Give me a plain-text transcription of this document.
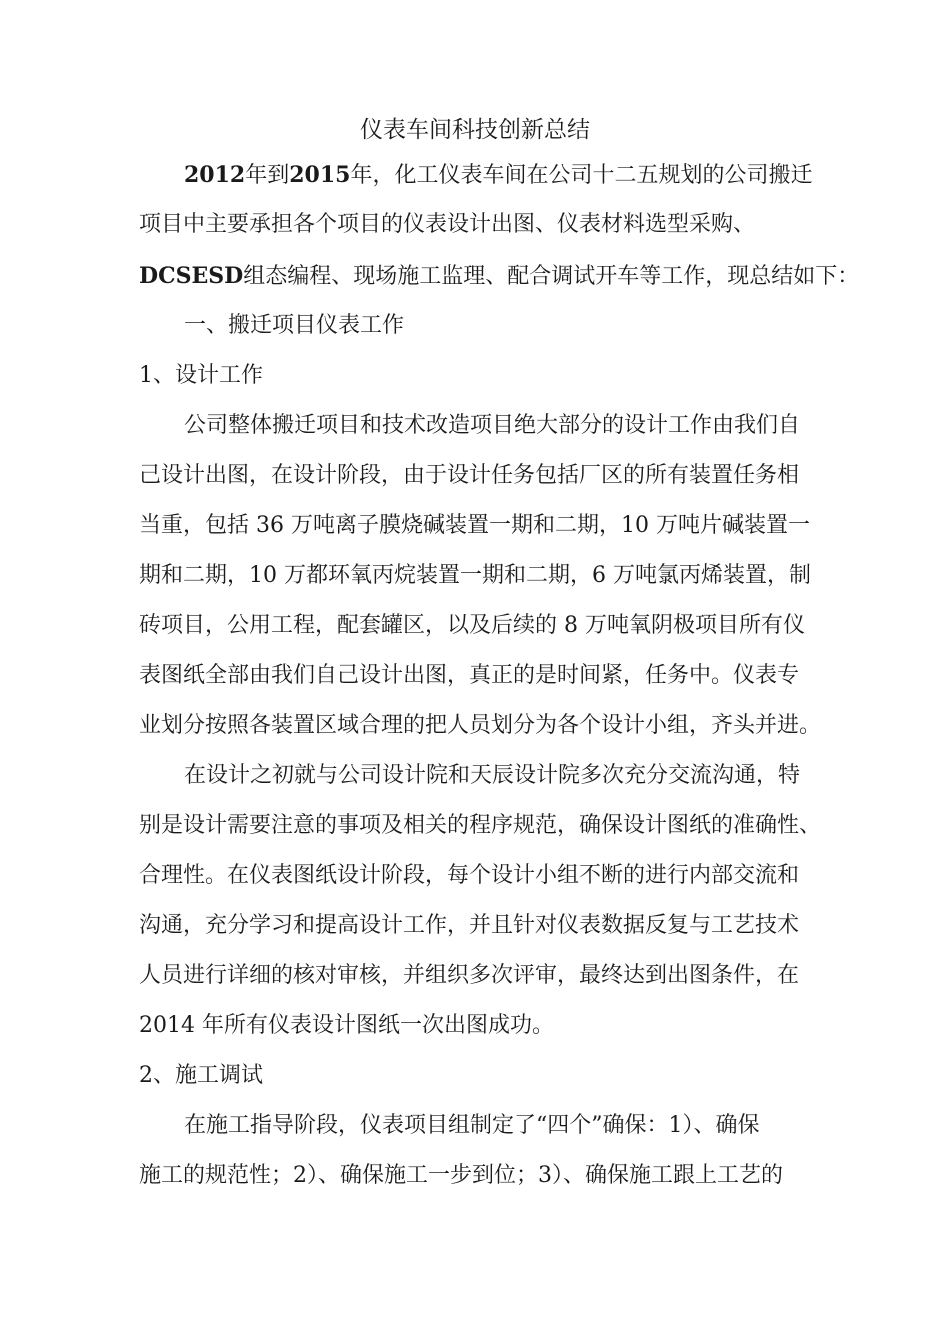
仪表车间科技创新总结
2012年到2015年，化工仪表车间在公司十二五规划的公司搬迁
项目中主要承担各个项目的仪表设计出图、仪表材料选型采购、
DCSESD组态编程、现场施工监理、配合调试开车等工作，现总结如下：
一、搬迁项目仪表工作
1、设计工作
公司整体搬迁项目和技术改造项目绝大部分的设计工作由我们自
己设计出图，在设计阶段，由于设计任务包括厂区的所有装置任务相
当重，包括 36 万吨离子膜烧碱装置一期和二期，10 万吨片碱装置一
期和二期，10 万都环氧丙烷装置一期和二期，6 万吨氯丙烯装置，制
砖项目，公用工程，配套罐区，以及后续的 8 万吨氧阴极项目所有仪
表图纸全部由我们自己设计出图，真正的是时间紧，任务中。仪表专
业划分按照各装置区域合理的把人员划分为各个设计小组，齐头并进。
在设计之初就与公司设计院和天辰设计院多次充分交流沟通，特
别是设计需要注意的事项及相关的程序规范，确保设计图纸的准确性、
合理性。在仪表图纸设计阶段，每个设计小组不断的进行内部交流和
沟通，充分学习和提高设计工作，并且针对仪表数据反复与工艺技术
人员进行详细的核对审核，并组织多次评审，最终达到出图条件，在
2014 年所有仪表设计图纸一次出图成功。
2、施工调试
在施工指导阶段，仪表项目组制定了“四个”确保：1）、确保
施工的规范性；2）、确保施工一步到位；3）、确保施工跟上工艺的
